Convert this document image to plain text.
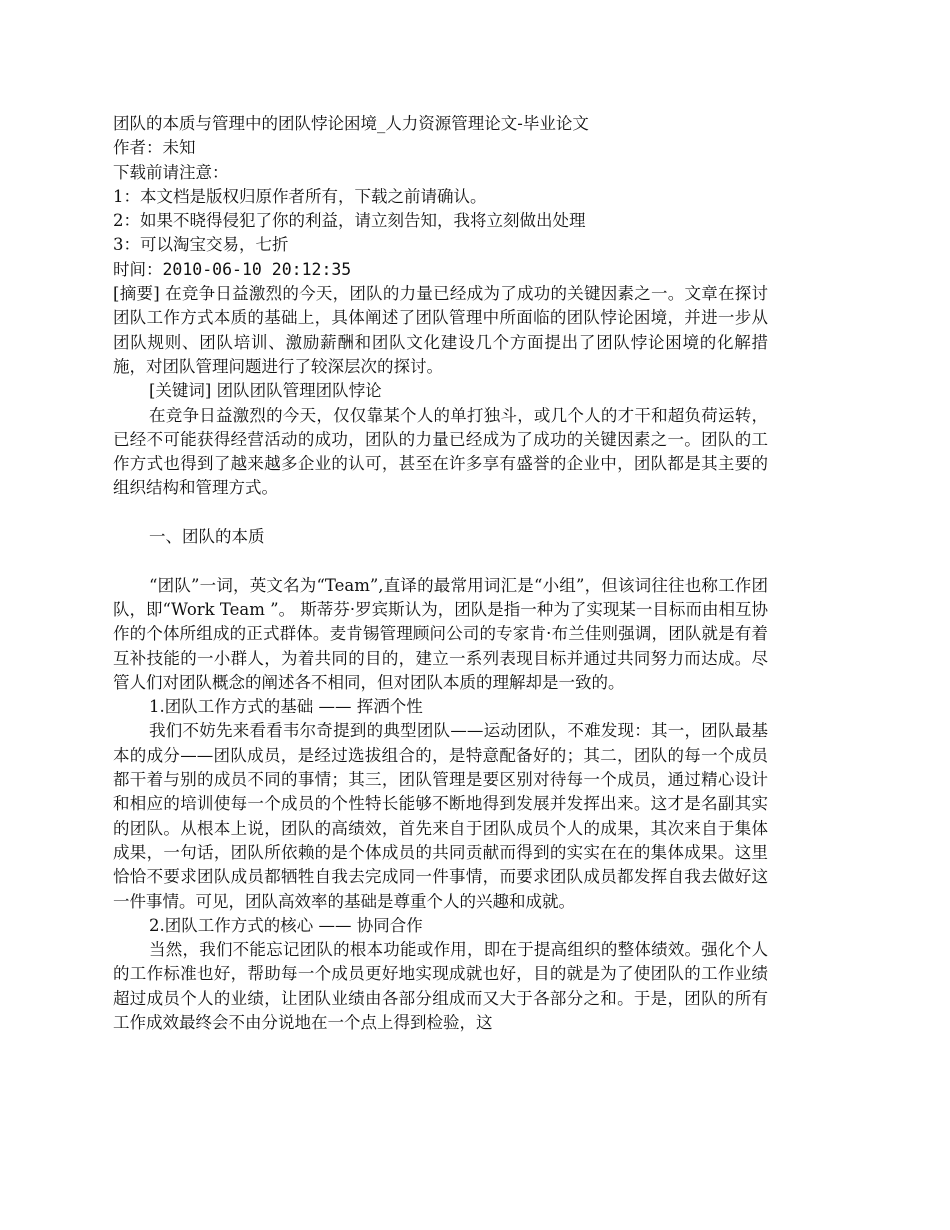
团队的本质与管理中的团队悖论困境_人力资源管理论文-毕业论文
作者：未知
下载前请注意：
1：本文档是版权归原作者所有，下载之前请确认。
2：如果不晓得侵犯了你的利益，请立刻告知，我将立刻做出处理
3：可以淘宝交易，七折
时间：2010-06-10 20:12:35
[摘要] 在竞争日益激烈的今天，团队的力量已经成为了成功的关键因素之一。文章在探讨团队工作方式本质的基础上，具体阐述了团队管理中所面临的团队悖论困境，并进一步从团队规则、团队培训、激励薪酬和团队文化建设几个方面提出了团队悖论困境的化解措施，对团队管理问题进行了较深层次的探讨。
[关键词] 团队团队管理团队悖论
在竞争日益激烈的今天，仅仅靠某个人的单打独斗，或几个人的才干和超负荷运转，已经不可能获得经营活动的成功，团队的力量已经成为了成功的关键因素之一。团队的工作方式也得到了越来越多企业的认可，甚至在许多享有盛誉的企业中，团队都是其主要的组织结构和管理方式。
一、团队的本质
“团队”一词，英文名为“Team”,直译的最常用词汇是“小组”，但该词往往也称工作团队，即“Work Team ”。 斯蒂芬·罗宾斯认为，团队是指一种为了实现某一目标而由相互协作的个体所组成的正式群体。麦肯锡管理顾问公司的专家肯·布兰佳则强调，团队就是有着互补技能的一小群人，为着共同的目的，建立一系列表现目标并通过共同努力而达成。尽管人们对团队概念的阐述各不相同，但对团队本质的理解却是一致的。
1.团队工作方式的基础 —— 挥洒个性
我们不妨先来看看韦尔奇提到的典型团队——运动团队，不难发现：其一，团队最基本的成分——团队成员，是经过选拔组合的，是特意配备好的；其二，团队的每一个成员都干着与别的成员不同的事情；其三，团队管理是要区别对待每一个成员，通过精心设计和相应的培训使每一个成员的个性特长能够不断地得到发展并发挥出来。这才是名副其实的团队。从根本上说，团队的高绩效，首先来自于团队成员个人的成果，其次来自于集体成果，一句话，团队所依赖的是个体成员的共同贡献而得到的实实在在的集体成果。这里恰恰不要求团队成员都牺牲自我去完成同一件事情，而要求团队成员都发挥自我去做好这一件事情。可见，团队高效率的基础是尊重个人的兴趣和成就。
2.团队工作方式的核心 —— 协同合作
当然，我们不能忘记团队的根本功能或作用，即在于提高组织的整体绩效。强化个人的工作标准也好，帮助每一个成员更好地实现成就也好，目的就是为了使团队的工作业绩超过成员个人的业绩，让团队业绩由各部分组成而又大于各部分之和。于是，团队的所有工作成效最终会不由分说地在一个点上得到检验，这
